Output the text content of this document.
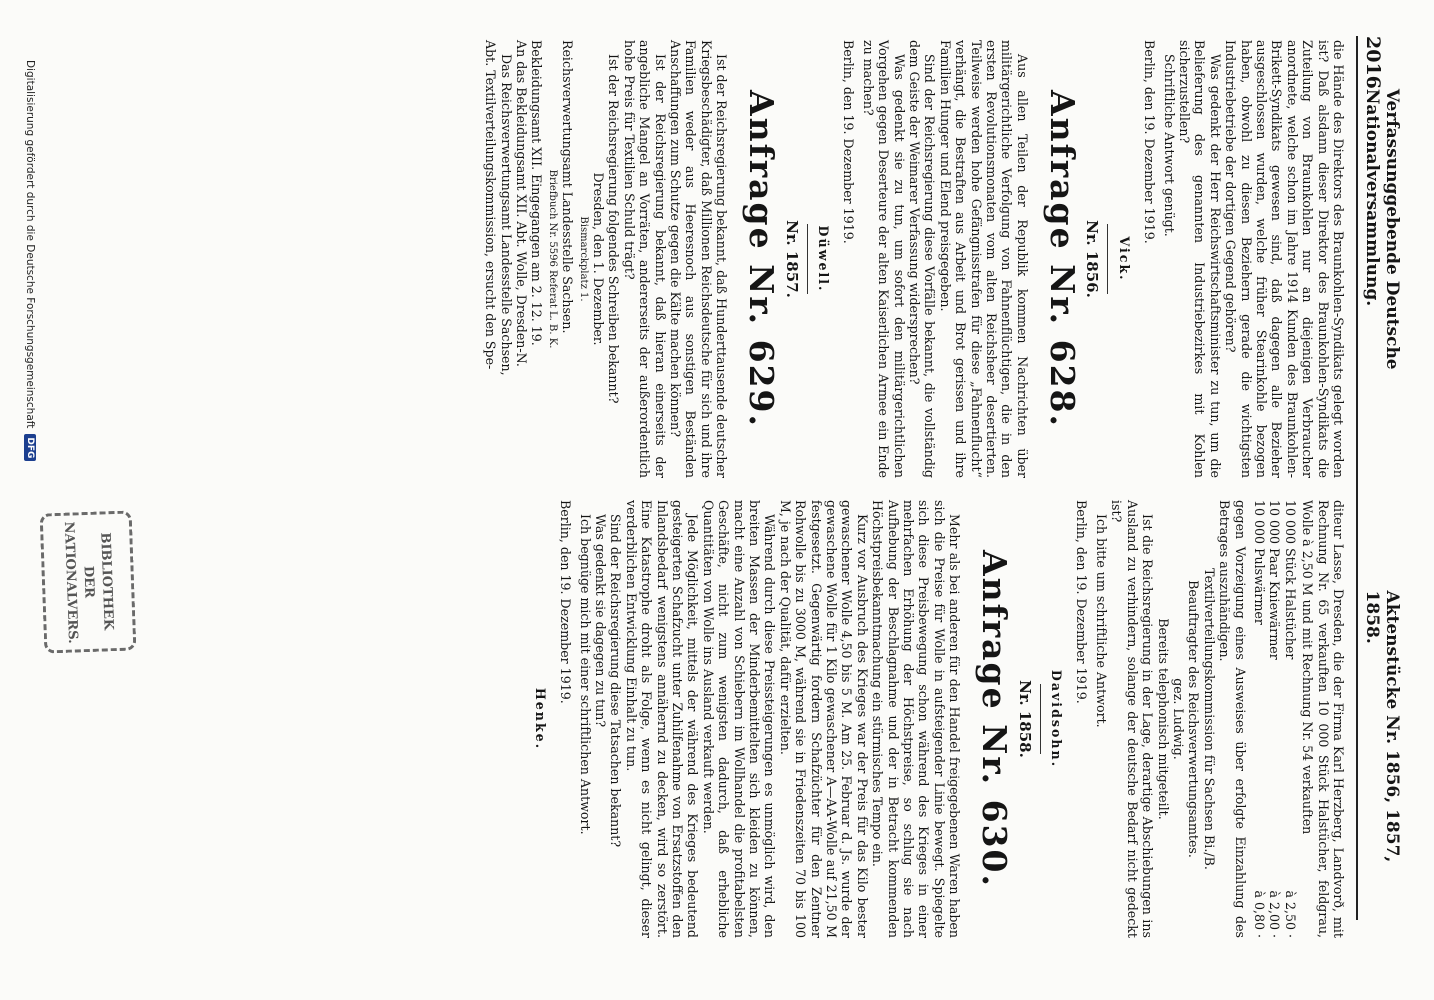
2016
Verfassunggebende Deutsche Nationalversammlung.
Aktenstücke Nr. 1856, 1857, 1858.

die Hände des Direktors des Braunkohlen-Syndikats gelegt worden ist? Daß alsdann dieser Direktor des Braunkohlen-Syndikats die Zuteilung von Braunkohlen nur an diejenigen Verbraucher anordnete, welche schon im Jahre 1914 Kunden des Braunkohlen-Brikett-Syndikats gewesen sind, daß dagegen alle Bezieher ausgeschlossen wurden, welche früher Stearinkohle bezogen haben, obwohl zu diesen Beziehern gerade die wichtigsten Industriebetriebe der dortigen Gegend gehören?

Was gedenkt der Herr Reichswirtschaftsminister zu tun, um die Belieferung des genannten Industriebezirkes mit Kohlen sicherzustellen?

Schriftliche Antwort genügt.

Berlin, den 19. Dezember 1919.

Vick.
Nr. 1856.
Anfrage Nr. 628.

Aus allen Teilen der Republik kommen Nachrichten über militärgerichtliche Verfolgung von Fahnenflüchtigen, die in den ersten Revolutionsmonaten vom alten Reichsheer desertierten. Teilweise werden hohe Gefängnisstrafen für diese „Fahnenflucht“ verhängt, die Bestraften aus Arbeit und Brot gerissen und ihre Familien Hunger und Elend preisgegeben.

Sind der Reichsregierung diese Vorfälle bekannt, die vollständig dem Geiste der Weimarer Verfassung widersprechen?

Was gedenkt sie zu tun, um sofort den militärgerichtlichen Vorgehen gegen Deserteure der alten Kaiserlichen Armee ein Ende zu machen?

Berlin, den 19. Dezember 1919.

Düwell.
Nr. 1857.
Anfrage Nr. 629.

Ist der Reichsregierung bekannt, daß Hunderttausende deutscher Kriegsbeschädigter, daß Millionen Reichsdeutsche für sich und ihre Familien weder aus Heeresnoch aus sonstigen Beständen Anschaffungen zum Schutze gegen die Kälte machen können?

Ist der Reichsregierung bekannt, daß hieran einerseits der angebliche Mangel an Vorräten, andererseits der außerordentlich hohe Preis für Textilien Schuld trägt?

Ist der Reichsregierung folgendes Schreiben bekannt?

Dresden, den 1. Dezember.

Bismarckplatz 1.

Reichsverwertungsamt Landesstelle Sachsen.

Briefbuch Nr. 5596 Referat L. B. K.

Bekleidungsamt XII. Eingegangen am 2. 12. 19.

An das Bekleidungsamt XII. Abt. Wolle, Dresden-N.

Das Reichsverwertungsamt Landesstelle Sachsen,

Abt. Textilverteilungskommission, ersucht den Spe-

diteur Lasse, Dresden, die der Firma Karl Herzberg, Landvorð, mit Rechnung Nr. 65 verkauften 10 000 Stück Halstücher, feldgrau, Wolle à 2,50 M und mit Rechnung Nr. 54 verkauften

10 000 Stück Halstücher
à 2,50 ·
10 000 Paar Kniewärmer
à 2,00 ·
10 000 Pulswärmer
à 0,80 ·

gegen Vorzeigung eines Ausweises über erfolgte Einzahlung des Betrages auszuhändigen.

Textilverteilungskommission für Sachsen Bi./B.

Beauftragter des Reichsverwertungsamtes.

gez. Ludwig.

Bereits telephonisch mitgeteilt.

Ist die Reichsregierung in der Lage, derartige Abschiebungen ins Ausland zu verhindern, solange der deutsche Bedarf nicht gedeckt ist?

Ich bitte um schriftliche Antwort.

Berlin, den 19. Dezember 1919.

Davidsohn.
Nr. 1858.
Anfrage Nr. 630.

Mehr als bei anderen für den Handel freigegebenen Waren haben sich die Preise für Wolle in aufsteigender Linie bewegt. Spiegelte sich diese Preisbewegung schon während des Krieges in einer mehrfachen Erhöhung der Höchstpreise, so schlug sie nach Aufhebung der Beschlagnahme und der in Betracht kommenden Höchstpreisbekanntmachung ein stürmisches Tempo ein.

Kurz vor Ausbruch des Krieges war der Preis für das Kilo bester gewaschener Wolle 4,50 bis 5 M. Am 25. Februar d. Js. wurde der gewaschene Wolle für 1 Kilo gewaschener A—AA-Wolle auf 21,50 M festgesetzt. Gegenwärtig fordern Schafzüchter für den Zentner Rohwolle bis zu 3000 M, während sie in Friedenszeiten 70 bis 100 M, je nach der Qualität, dafür erzielten.

Während durch diese Preissteigerungen es unmöglich wird, den breiten Massen der Minderbemittelten sich kleiden zu können, macht eine Anzahl von Schiebern im Wollhandel die profitabelsten Geschäfte, nicht zum wenigsten dadurch, daß erhebliche Quantitäten von Wolle ins Ausland verkauft werden.

Jede Möglichkeit, mittels der während des Krieges bedeutend gesteigerten Schafzucht unter Zuhilfenahme von Ersatzstoffen den Inlandsbedarf wenigstens annähernd zu decken, wird so zerstört. Eine Katastrophe droht als Folge, wenn es nicht gelingt, dieser verderblichen Entwicklung Einhalt zu tun.

Sind der Reichsregierung diese Tatsachen bekannt?

Was gedenkt sie dagegen zu tun?

Ich begnüge mich mit einer schriftlichen Antwort.

Berlin, den 19. Dezember 1919.

Henke.
BIBLIOTHEK
DER
NATIONALVERS.
Digitalisierung gefördert durch die Deutsche Forschungsgemeinschaft
DFG
